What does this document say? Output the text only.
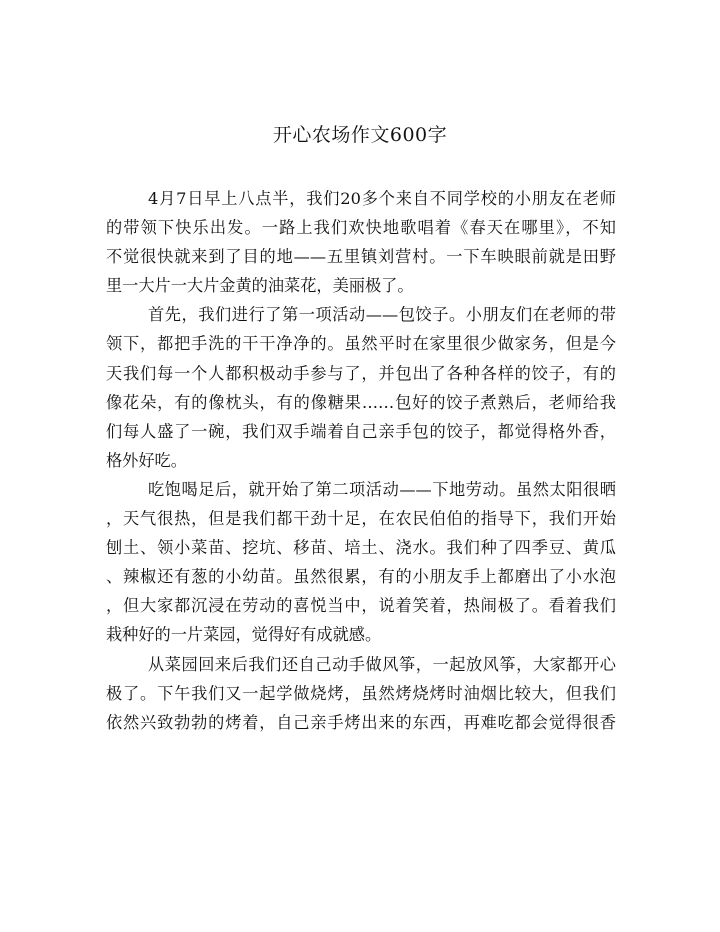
开心农场作文600字
4月7日早上八点半，我们20多个来自不同学校的小朋友在老师
的带领下快乐出发。一路上我们欢快地歌唱着《春天在哪里》，不知
不觉很快就来到了目的地——五里镇刘营村。一下车映眼前就是田野
里一大片一大片金黄的油菜花，美丽极了。
首先，我们进行了第一项活动——包饺子。小朋友们在老师的带
领下，都把手洗的干干净净的。虽然平时在家里很少做家务，但是今
天我们每一个人都积极动手参与了，并包出了各种各样的饺子，有的
像花朵，有的像枕头，有的像糖果……包好的饺子煮熟后，老师给我
们每人盛了一碗，我们双手端着自己亲手包的饺子，都觉得格外香，
格外好吃。
吃饱喝足后，就开始了第二项活动——下地劳动。虽然太阳很晒
，天气很热，但是我们都干劲十足，在农民伯伯的指导下，我们开始
刨土、领小菜苗、挖坑、移苗、培土、浇水。我们种了四季豆、黄瓜
、辣椒还有葱的小幼苗。虽然很累，有的小朋友手上都磨出了小水泡
，但大家都沉浸在劳动的喜悦当中，说着笑着，热闹极了。看着我们
栽种好的一片菜园，觉得好有成就感。
从菜园回来后我们还自己动手做风筝，一起放风筝，大家都开心
极了。下午我们又一起学做烧烤，虽然烤烧烤时油烟比较大，但我们
依然兴致勃勃的烤着，自己亲手烤出来的东西，再难吃都会觉得很香
